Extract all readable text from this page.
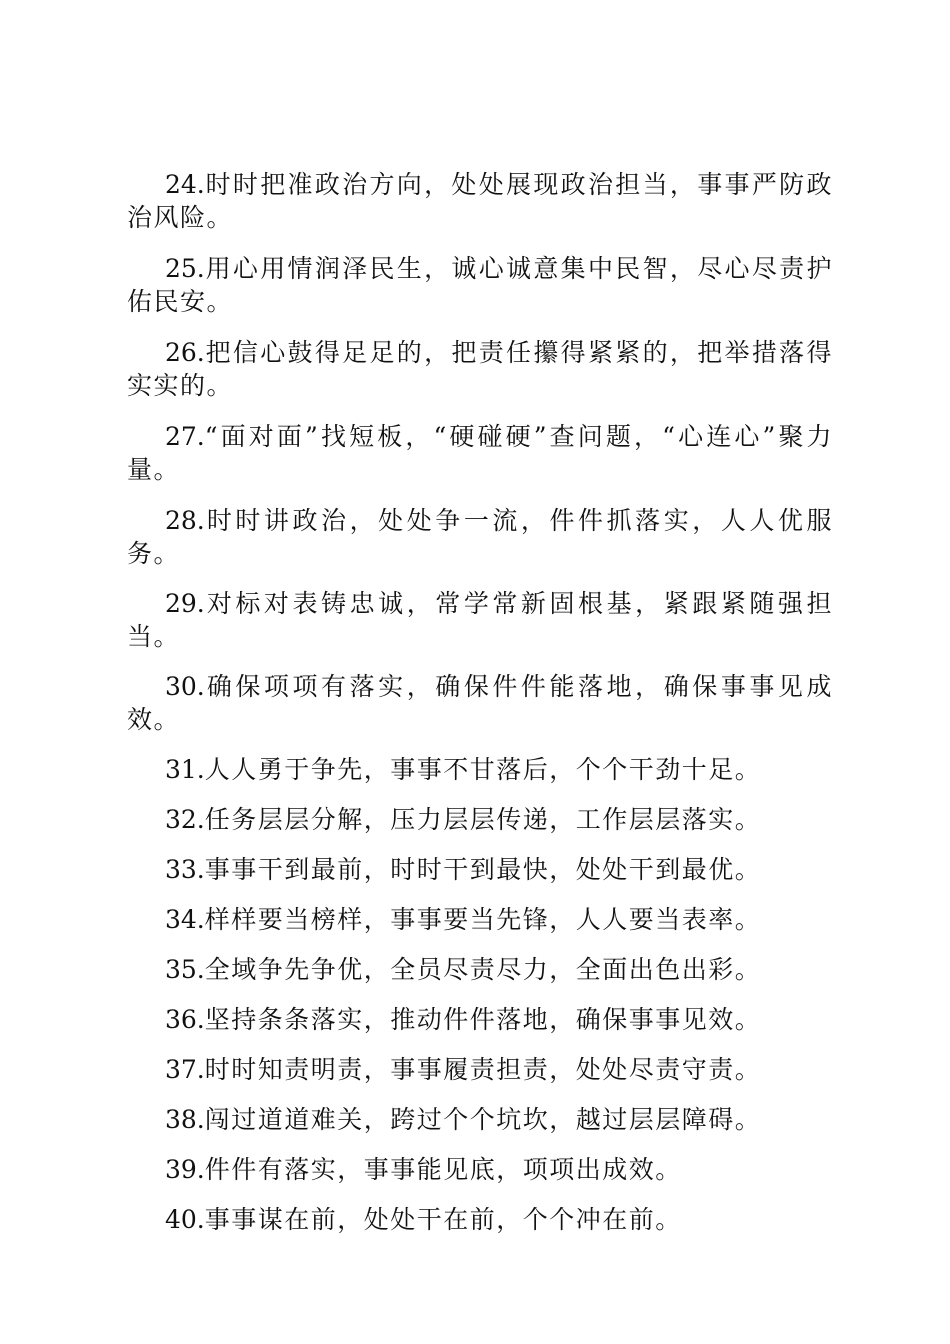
24.时时把准政治方向，处处展现政治担当，事事严防政治风险。

25.用心用情润泽民生，诚心诚意集中民智，尽心尽责护佑民安。

26.把信心鼓得足足的，把责任攥得紧紧的，把举措落得实实的。

27.“面对面”找短板，“硬碰硬”查问题，“心连心”聚力量。

28.时时讲政治，处处争一流，件件抓落实，人人优服务。

29.对标对表铸忠诚，常学常新固根基，紧跟紧随强担当。

30.确保项项有落实，确保件件能落地，确保事事见成效。

31.人人勇于争先，事事不甘落后，个个干劲十足。

32.任务层层分解，压力层层传递，工作层层落实。

33.事事干到最前，时时干到最快，处处干到最优。

34.样样要当榜样，事事要当先锋，人人要当表率。

35.全域争先争优，全员尽责尽力，全面出色出彩。

36.坚持条条落实，推动件件落地，确保事事见效。

37.时时知责明责，事事履责担责，处处尽责守责。

38.闯过道道难关，跨过个个坑坎，越过层层障碍。

39.件件有落实，事事能见底，项项出成效。

40.事事谋在前，处处干在前，个个冲在前。
